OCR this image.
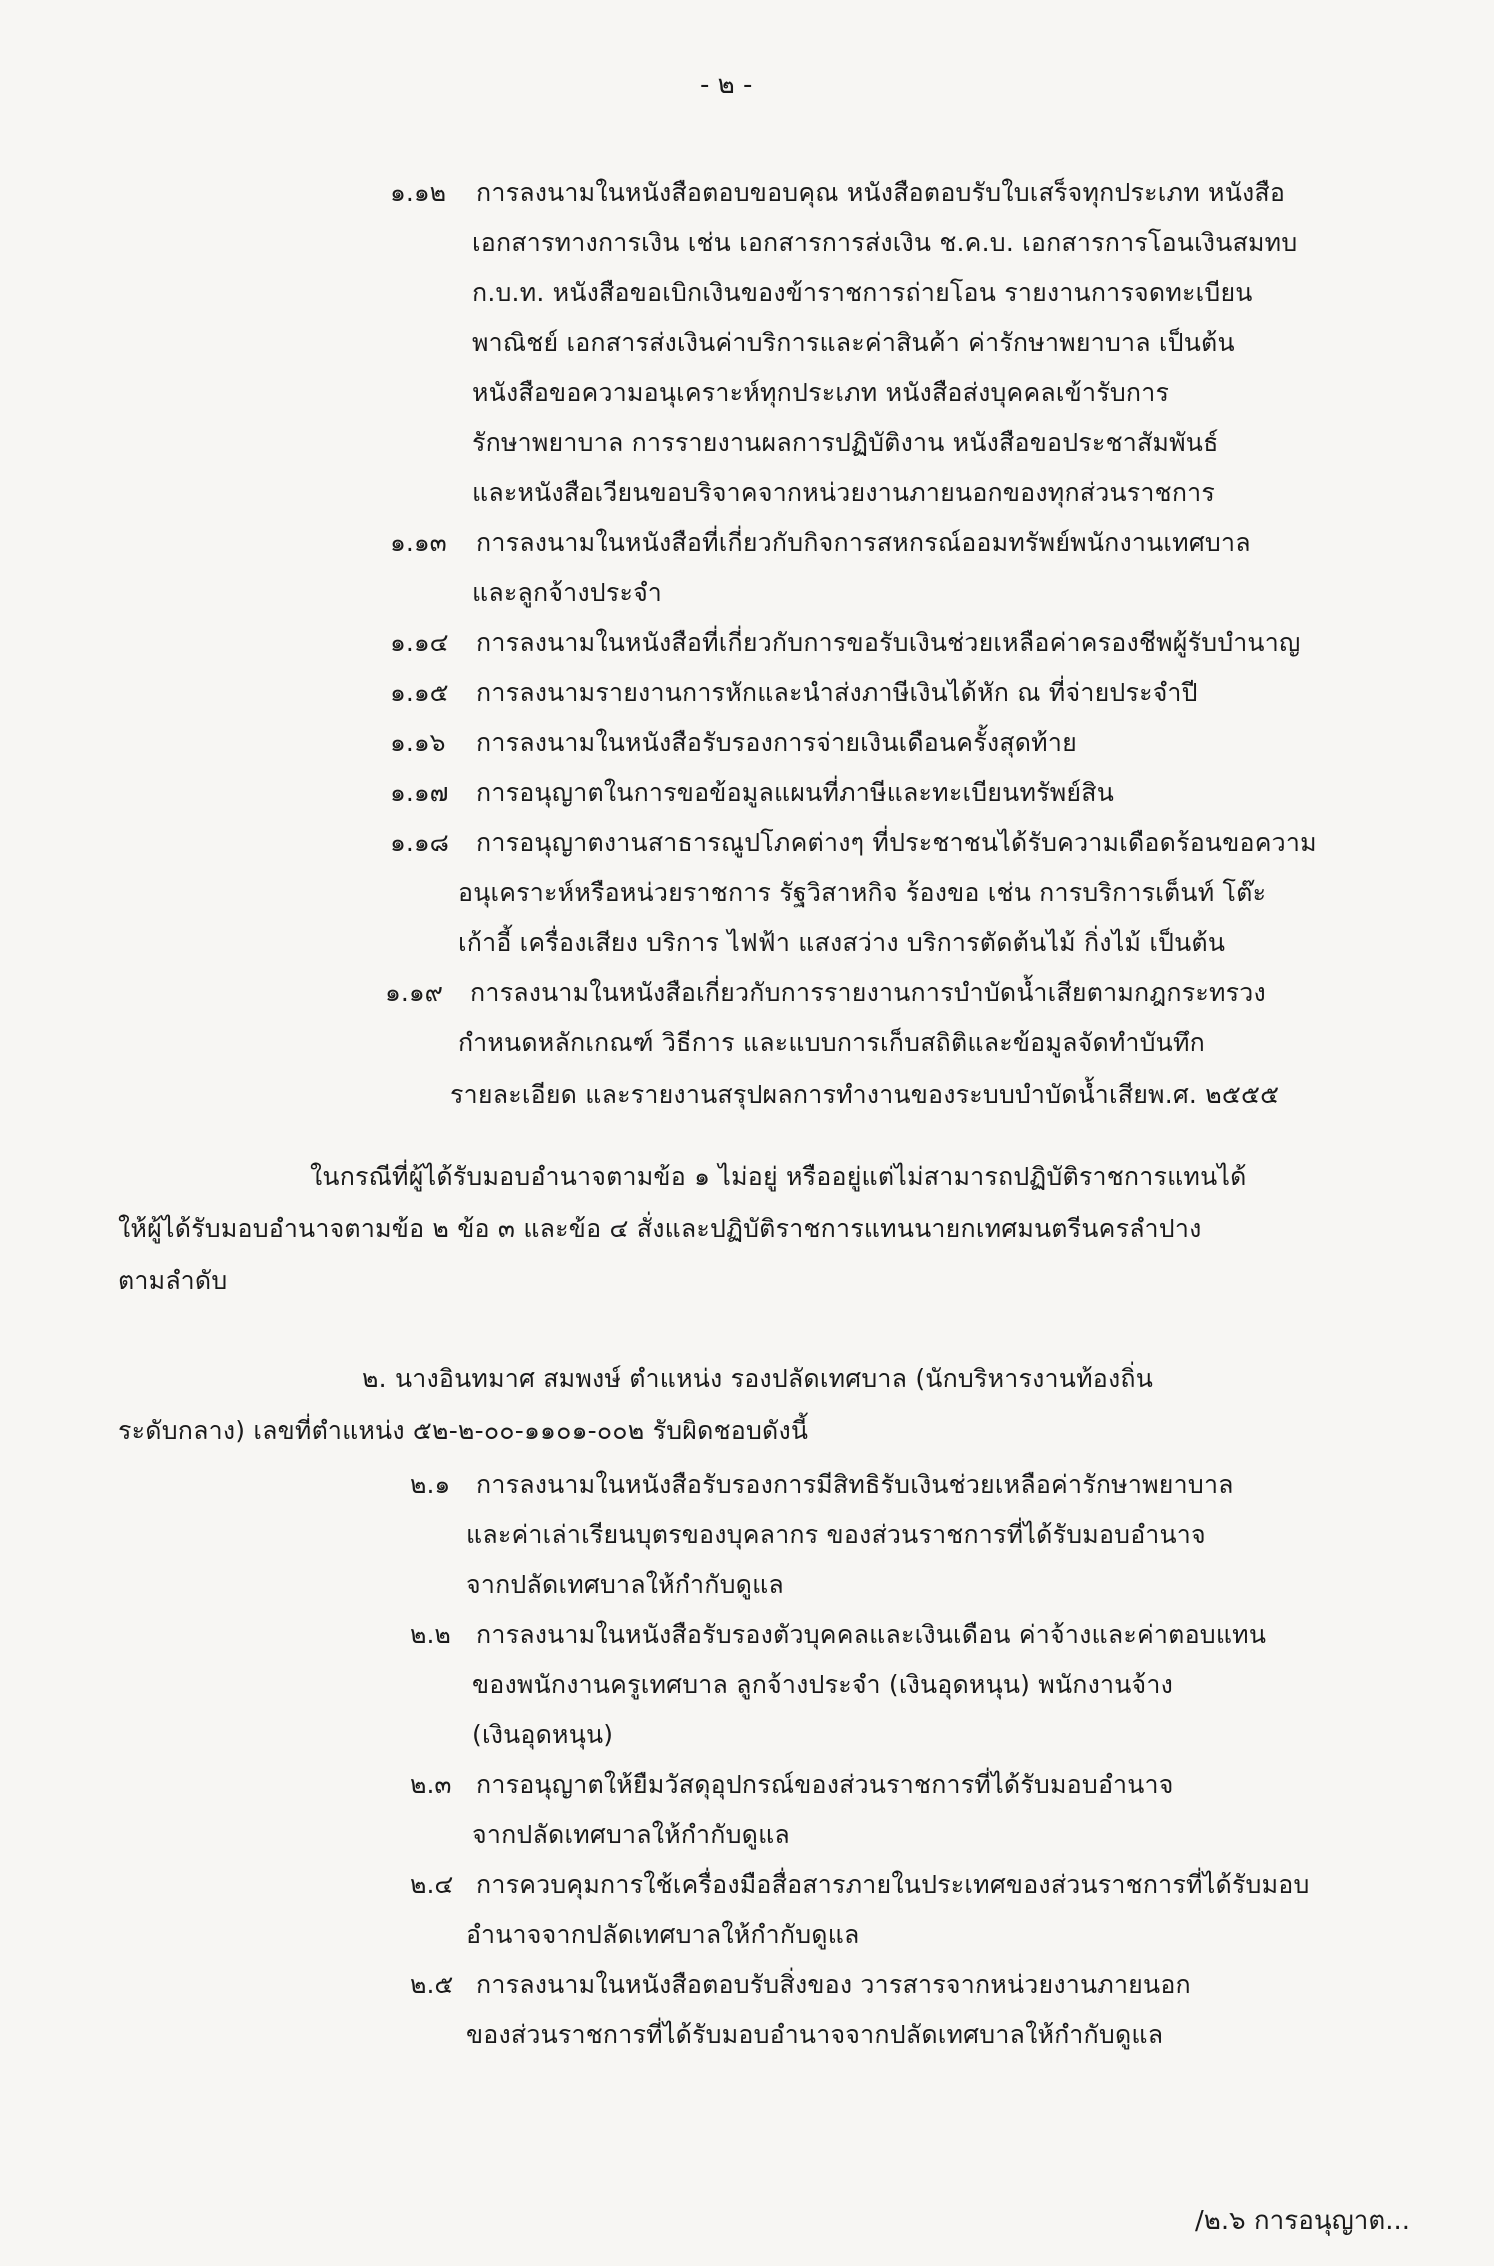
- ๒ -
๑.๑๒ การลงนามในหนังสือตอบขอบคุณ หนังสือตอบรับใบเสร็จทุกประเภท หนังสือ
เอกสารทางการเงิน เช่น เอกสารการส่งเงิน ช.ค.บ. เอกสารการโอนเงินสมทบ
ก.บ.ท. หนังสือขอเบิกเงินของข้าราชการถ่ายโอน รายงานการจดทะเบียน
พาณิชย์ เอกสารส่งเงินค่าบริการและค่าสินค้า ค่ารักษาพยาบาล เป็นต้น
หนังสือขอความอนุเคราะห์ทุกประเภท หนังสือส่งบุคคลเข้ารับการ
รักษาพยาบาล การรายงานผลการปฏิบัติงาน หนังสือขอประชาสัมพันธ์
และหนังสือเวียนขอบริจาคจากหน่วยงานภายนอกของทุกส่วนราชการ
๑.๑๓ การลงนามในหนังสือที่เกี่ยวกับกิจการสหกรณ์ออมทรัพย์พนักงานเทศบาล
และลูกจ้างประจำ
๑.๑๔ การลงนามในหนังสือที่เกี่ยวกับการขอรับเงินช่วยเหลือค่าครองชีพผู้รับบำนาญ
๑.๑๕ การลงนามรายงานการหักและนำส่งภาษีเงินได้หัก ณ ที่จ่ายประจำปี
๑.๑๖ การลงนามในหนังสือรับรองการจ่ายเงินเดือนครั้งสุดท้าย
๑.๑๗ การอนุญาตในการขอข้อมูลแผนที่ภาษีและทะเบียนทรัพย์สิน
๑.๑๘ การอนุญาตงานสาธารณูปโภคต่างๆ ที่ประชาชนได้รับความเดือดร้อนขอความ
อนุเคราะห์หรือหน่วยราชการ รัฐวิสาหกิจ ร้องขอ เช่น การบริการเต็นท์ โต๊ะ
เก้าอี้ เครื่องเสียง บริการ ไฟฟ้า แสงสว่าง บริการตัดต้นไม้ กิ่งไม้ เป็นต้น
๑.๑๙ การลงนามในหนังสือเกี่ยวกับการรายงานการบำบัดน้ำเสียตามกฎกระทรวง
กำหนดหลักเกณฑ์ วิธีการ และแบบการเก็บสถิติและข้อมูลจัดทำบันทึก
รายละเอียด และรายงานสรุปผลการทำงานของระบบบำบัดน้ำเสียพ.ศ. ๒๕๕๕
ในกรณีที่ผู้ได้รับมอบอำนาจตามข้อ ๑ ไม่อยู่ หรืออยู่แต่ไม่สามารถปฏิบัติราชการแทนได้
ให้ผู้ได้รับมอบอำนาจตามข้อ ๒ ข้อ ๓ และข้อ ๔ สั่งและปฏิบัติราชการแทนนายกเทศมนตรีนครลำปาง
ตามลำดับ
๒. นางอินทมาศ สมพงษ์ ตำแหน่ง รองปลัดเทศบาล (นักบริหารงานท้องถิ่น
ระดับกลาง) เลขที่ตำแหน่ง ๕๒-๒-๐๐-๑๑๐๑-๐๐๒ รับผิดชอบดังนี้
๒.๑ การลงนามในหนังสือรับรองการมีสิทธิรับเงินช่วยเหลือค่ารักษาพยาบาล
และค่าเล่าเรียนบุตรของบุคลากร ของส่วนราชการที่ได้รับมอบอำนาจ
จากปลัดเทศบาลให้กำกับดูแล
๒.๒ การลงนามในหนังสือรับรองตัวบุคคลและเงินเดือน ค่าจ้างและค่าตอบแทน
ของพนักงานครูเทศบาล ลูกจ้างประจำ (เงินอุดหนุน) พนักงานจ้าง
(เงินอุดหนุน)
๒.๓ การอนุญาตให้ยืมวัสดุอุปกรณ์ของส่วนราชการที่ได้รับมอบอำนาจ
จากปลัดเทศบาลให้กำกับดูแล
๒.๔ การควบคุมการใช้เครื่องมือสื่อสารภายในประเทศของส่วนราชการที่ได้รับมอบ
อำนาจจากปลัดเทศบาลให้กำกับดูแล
๒.๕ การลงนามในหนังสือตอบรับสิ่งของ วารสารจากหน่วยงานภายนอก
ของส่วนราชการที่ได้รับมอบอำนาจจากปลัดเทศบาลให้กำกับดูแล
/๒.๖ การอนุญาต...
